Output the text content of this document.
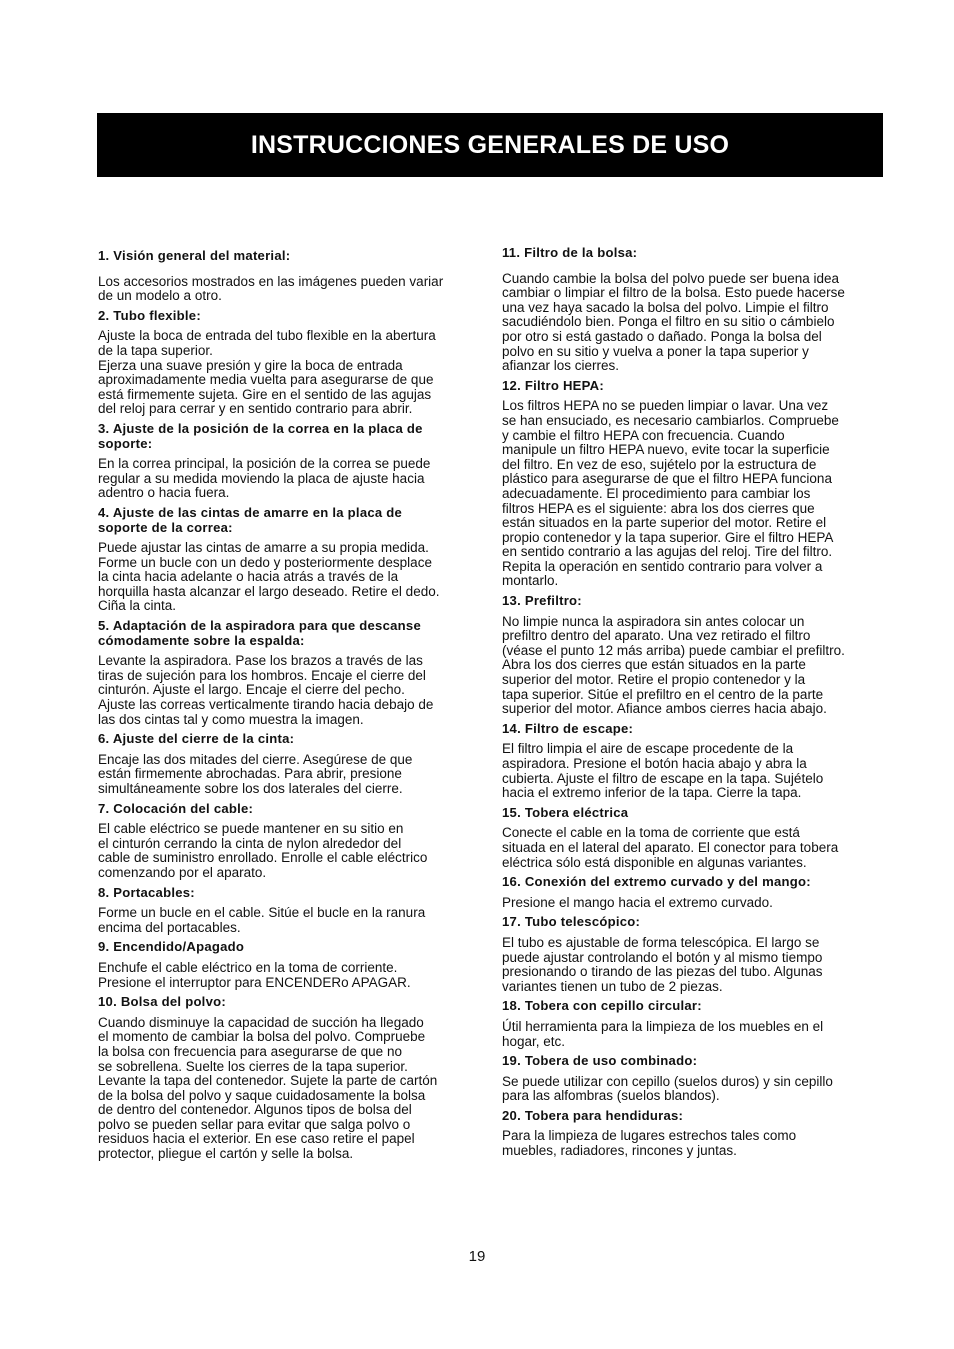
INSTRUCCIONES GENERALES DE USO
1. Visión general del material:
Los accesorios mostrados en las imágenes pueden variar
de un modelo a otro.
2. Tubo flexible:
Ajuste la boca de entrada del tubo flexible en la abertura
de la tapa superior.
Ejerza una suave presión y gire la boca de entrada
aproximadamente media vuelta para asegurarse de que
está firmemente sujeta. Gire en el sentido de las agujas
del reloj para cerrar y en sentido contrario para abrir.
3. Ajuste de la posición de la correa en la placa de
soporte:
En la correa principal, la posición de la correa se puede
regular a su medida moviendo la placa de ajuste hacia
adentro o hacia fuera.
4. Ajuste de las cintas de amarre en la placa de
soporte de la correa:
Puede ajustar las cintas de amarre a su propia medida.
Forme un bucle con un dedo y posteriormente desplace
la cinta hacia adelante o hacia atrás a través de la
horquilla hasta alcanzar el largo deseado. Retire el dedo.
Ciña la cinta.
5. Adaptación de la aspiradora para que descanse
cómodamente sobre la espalda:
Levante la aspiradora. Pase los brazos a través de las
tiras de sujeción para los hombros. Encaje el cierre del
cinturón. Ajuste el largo. Encaje el cierre del pecho.
Ajuste las correas verticalmente tirando hacia debajo de
las dos cintas tal y como muestra la imagen.
6. Ajuste del cierre de la cinta:
Encaje las dos mitades del cierre. Asegúrese de que
están firmemente abrochadas. Para abrir, presione
simultáneamente sobre los dos laterales del cierre.
7. Colocación del cable:
El cable eléctrico se puede mantener en su sitio en
el cinturón cerrando la cinta de nylon alrededor del
cable de suministro enrollado. Enrolle el cable eléctrico
comenzando por el aparato.
8. Portacables:
Forme un bucle en el cable. Sitúe el bucle en la ranura
encima del portacables.
9. Encendido/Apagado
Enchufe el cable eléctrico en la toma de corriente.
Presione el interruptor para ENCENDERo APAGAR.
10. Bolsa del polvo:
Cuando disminuye la capacidad de succión ha llegado
el momento de cambiar la bolsa del polvo. Compruebe
la bolsa con frecuencia para asegurarse de que no
se sobrellena. Suelte los cierres de la tapa superior.
Levante la tapa del contenedor. Sujete la parte de cartón
de la bolsa del polvo y saque cuidadosamente la bolsa
de dentro del contenedor. Algunos tipos de bolsa del
polvo se pueden sellar para evitar que salga polvo o
residuos hacia el exterior. En ese caso retire el papel
protector, pliegue el cartón y selle la bolsa.
11. Filtro de la bolsa:
Cuando cambie la bolsa del polvo puede ser buena idea
cambiar o limpiar el filtro de la bolsa. Esto puede hacerse
una vez haya sacado la bolsa del polvo. Limpie el filtro
sacudiéndolo bien. Ponga el filtro en su sitio o cámbielo
por otro si está gastado o dañado. Ponga la bolsa del
polvo en su sitio y vuelva a poner la tapa superior y
afianzar los cierres.
12. Filtro HEPA:
Los filtros HEPA no se pueden limpiar o lavar. Una vez
se han ensuciado, es necesario cambiarlos. Compruebe
y cambie el filtro HEPA con frecuencia. Cuando
manipule un filtro HEPA nuevo, evite tocar la superficie
del filtro. En vez de eso, sujételo por la estructura de
plástico para asegurarse de que el filtro HEPA funciona
adecuadamente. El procedimiento para cambiar los
filtros HEPA es el siguiente: abra los dos cierres que
están situados en la parte superior del motor. Retire el
propio contenedor y la tapa superior. Gire el filtro HEPA
en sentido contrario a las agujas del reloj. Tire del filtro.
Repita la operación en sentido contrario para volver a
montarlo.
13. Prefiltro:
No limpie nunca la aspiradora sin antes colocar un
prefiltro dentro del aparato. Una vez retirado el filtro
(véase el punto 12 más arriba) puede cambiar el prefiltro.
Abra los dos cierres que están situados en la parte
superior del motor. Retire el propio contenedor y la
tapa superior. Sitúe el prefiltro en el centro de la parte
superior del motor. Afiance ambos cierres hacia abajo.
14. Filtro de escape:
El filtro limpia el aire de escape procedente de la
aspiradora. Presione el botón hacia abajo y abra la
cubierta. Ajuste el filtro de escape en la tapa. Sujételo
hacia el extremo inferior de la tapa. Cierre la tapa.
15. Tobera eléctrica
Conecte el cable en la toma de corriente que está
situada en el lateral del aparato. El conector para tobera
eléctrica sólo está disponible en algunas variantes.
16. Conexión del extremo curvado y del mango:
Presione el mango hacia el extremo curvado.
17. Tubo telescópico:
El tubo es ajustable de forma telescópica. El largo se
puede ajustar controlando el botón y al mismo tiempo
presionando o tirando de las piezas del tubo. Algunas
variantes tienen un tubo de 2 piezas.
18. Tobera con cepillo circular:
Útil herramienta para la limpieza de los muebles en el
hogar, etc.
19. Tobera de uso combinado:
Se puede utilizar con cepillo (suelos duros) y sin cepillo
para las alfombras (suelos blandos).
20. Tobera para hendiduras:
Para la limpieza de lugares estrechos tales como
muebles, radiadores, rincones y juntas.
19
